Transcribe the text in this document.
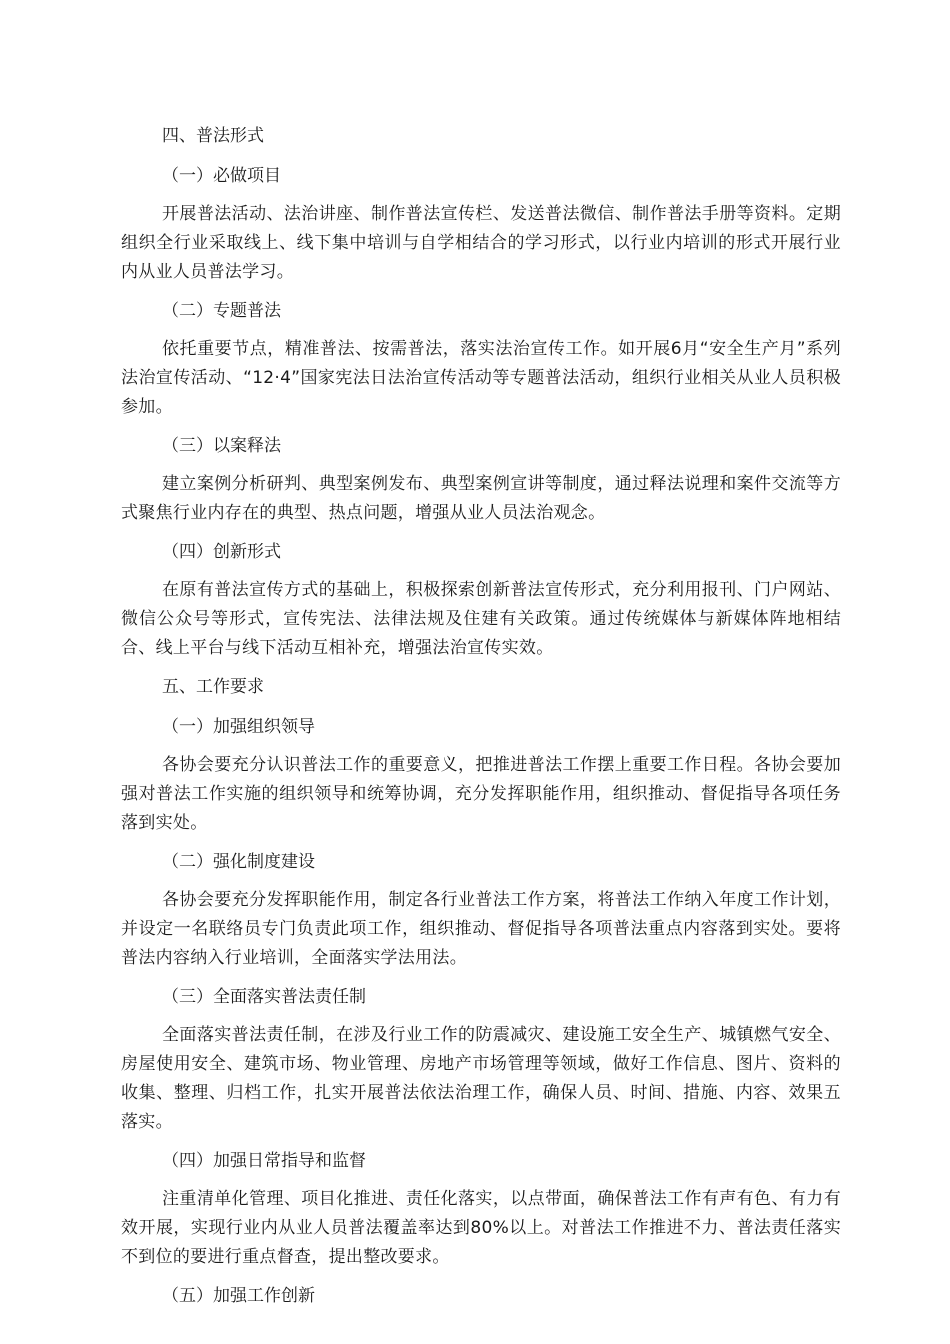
四、普法形式
（一）必做项目
开展普法活动、法治讲座、制作普法宣传栏、发送普法微信、制作普法手册等资料。定期组织全行业采取线上、线下集中培训与自学相结合的学习形式，以行业内培训的形式开展行业内从业人员普法学习。
（二）专题普法
依托重要节点，精准普法、按需普法，落实法治宣传工作。如开展6月“安全生产月”系列法治宣传活动、“12·4”国家宪法日法治宣传活动等专题普法活动，组织行业相关从业人员积极参加。
（三）以案释法
建立案例分析研判、典型案例发布、典型案例宣讲等制度，通过释法说理和案件交流等方式聚焦行业内存在的典型、热点问题，增强从业人员法治观念。
（四）创新形式
在原有普法宣传方式的基础上，积极探索创新普法宣传形式，充分利用报刊、门户网站、微信公众号等形式，宣传宪法、法律法规及住建有关政策。通过传统媒体与新媒体阵地相结合、线上平台与线下活动互相补充，增强法治宣传实效。
五、工作要求
（一）加强组织领导
各协会要充分认识普法工作的重要意义，把推进普法工作摆上重要工作日程。各协会要加强对普法工作实施的组织领导和统筹协调，充分发挥职能作用，组织推动、督促指导各项任务落到实处。
（二）强化制度建设
各协会要充分发挥职能作用，制定各行业普法工作方案，将普法工作纳入年度工作计划，并设定一名联络员专门负责此项工作，组织推动、督促指导各项普法重点内容落到实处。要将普法内容纳入行业培训，全面落实学法用法。
（三）全面落实普法责任制
全面落实普法责任制，在涉及行业工作的防震减灾、建设施工安全生产、城镇燃气安全、房屋使用安全、建筑市场、物业管理、房地产市场管理等领域，做好工作信息、图片、资料的收集、整理、归档工作，扎实开展普法依法治理工作，确保人员、时间、措施、内容、效果五落实。
（四）加强日常指导和监督
注重清单化管理、项目化推进、责任化落实，以点带面，确保普法工作有声有色、有力有效开展，实现行业内从业人员普法覆盖率达到80%以上。对普法工作推进不力、普法责任落实不到位的要进行重点督查，提出整改要求。
（五）加强工作创新
